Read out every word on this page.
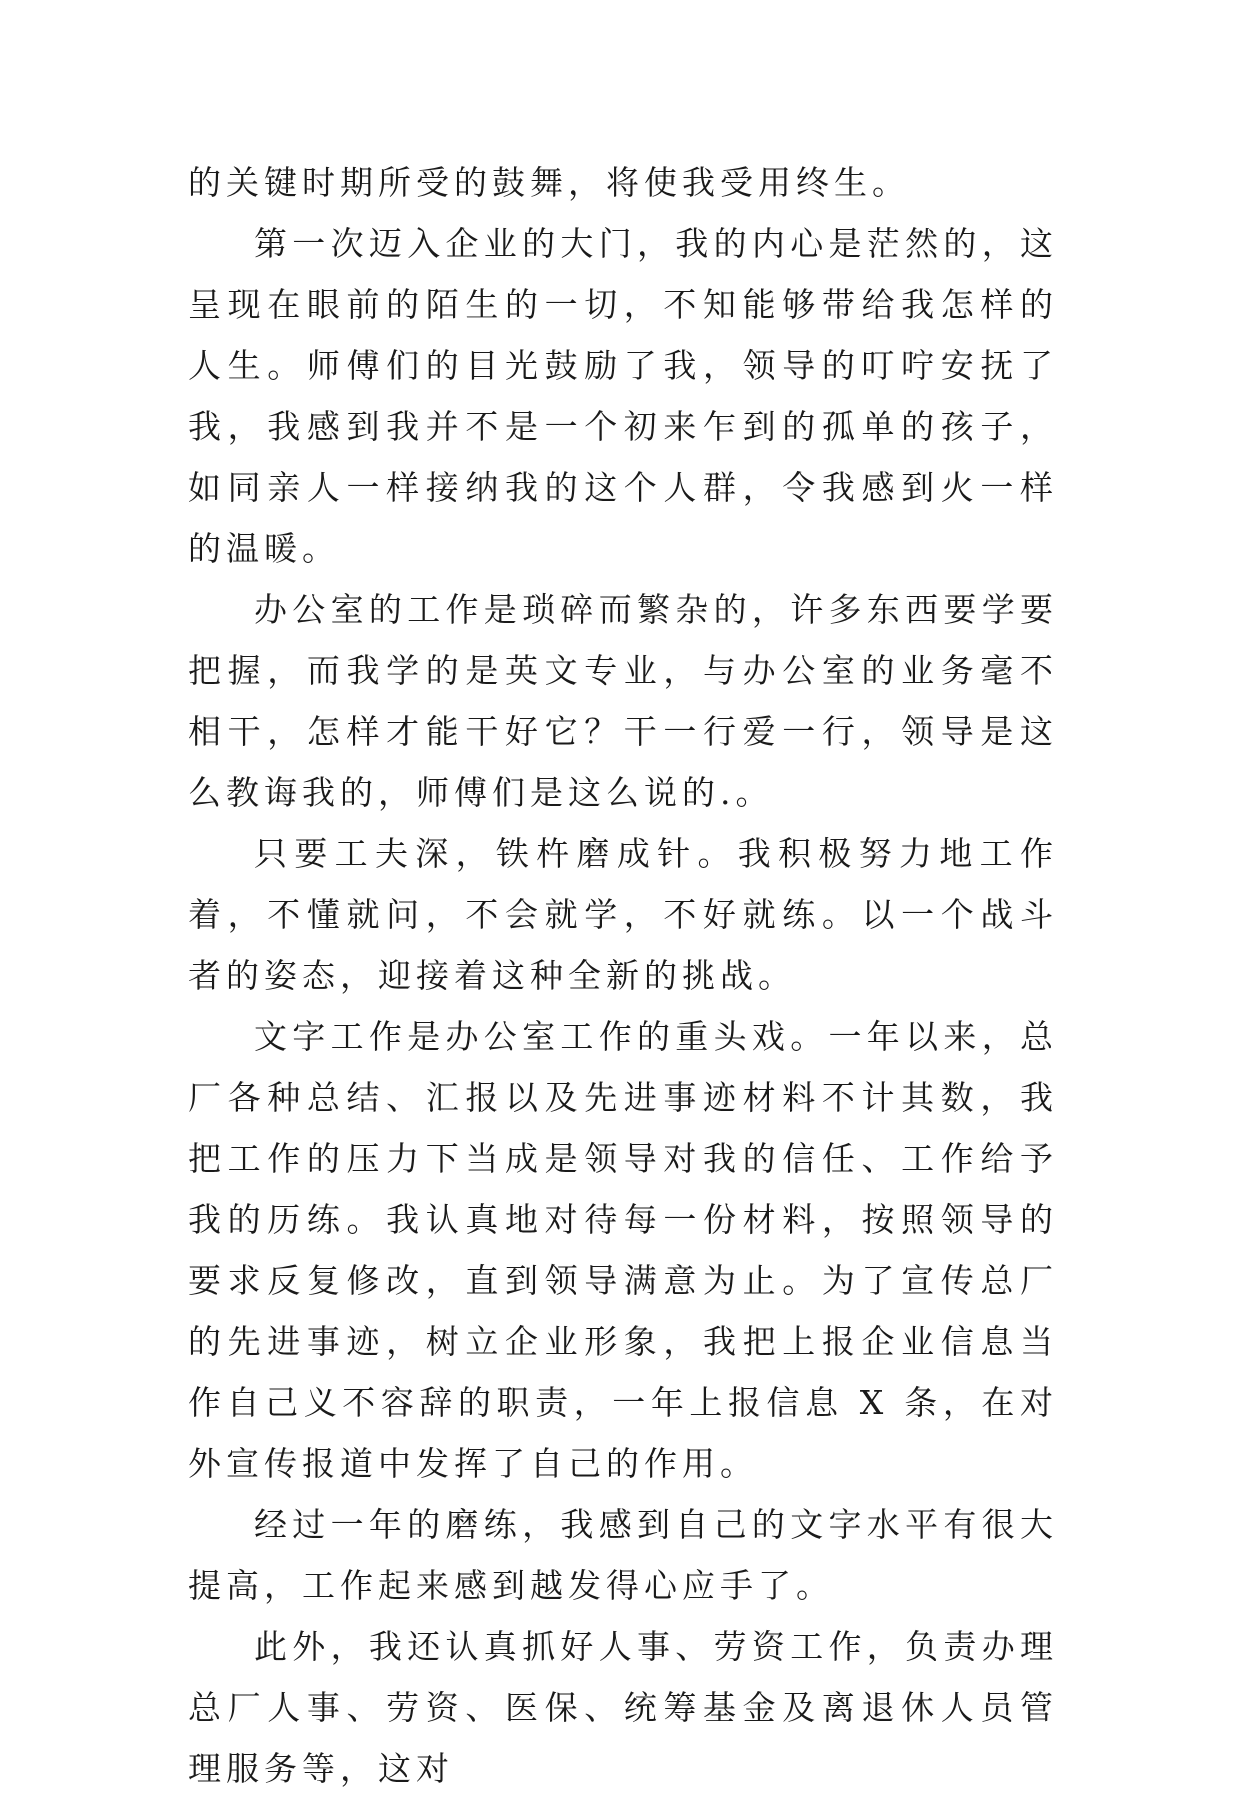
的关键时期所受的鼓舞，将使我受用终生。

第一次迈入企业的大门，我的内心是茫然的，这呈现在眼前的陌生的一切，不知能够带给我怎样的人生。师傅们的目光鼓励了我，领导的叮咛安抚了我，我感到我并不是一个初来乍到的孤单的孩子，如同亲人一样接纳我的这个人群，令我感到火一样的温暖。

办公室的工作是琐碎而繁杂的，许多东西要学要把握，而我学的是英文专业，与办公室的业务毫不相干，怎样才能干好它？干一行爱一行，领导是这么教诲我的，师傅们是这么说的.。

只要工夫深，铁杵磨成针。我积极努力地工作着，不懂就问，不会就学，不好就练。以一个战斗者的姿态，迎接着这种全新的挑战。

文字工作是办公室工作的重头戏。一年以来，总厂各种总结、汇报以及先进事迹材料不计其数，我把工作的压力下当成是领导对我的信任、工作给予我的历练。我认真地对待每一份材料，按照领导的要求反复修改，直到领导满意为止。为了宣传总厂的先进事迹，树立企业形象，我把上报企业信息当作自己义不容辞的职责，一年上报信息 X 条，在对外宣传报道中发挥了自己的作用。

经过一年的磨练，我感到自己的文字水平有很大提高，工作起来感到越发得心应手了。

此外，我还认真抓好人事、劳资工作，负责办理总厂人事、劳资、医保、统筹基金及离退休人员管理服务等，这对
